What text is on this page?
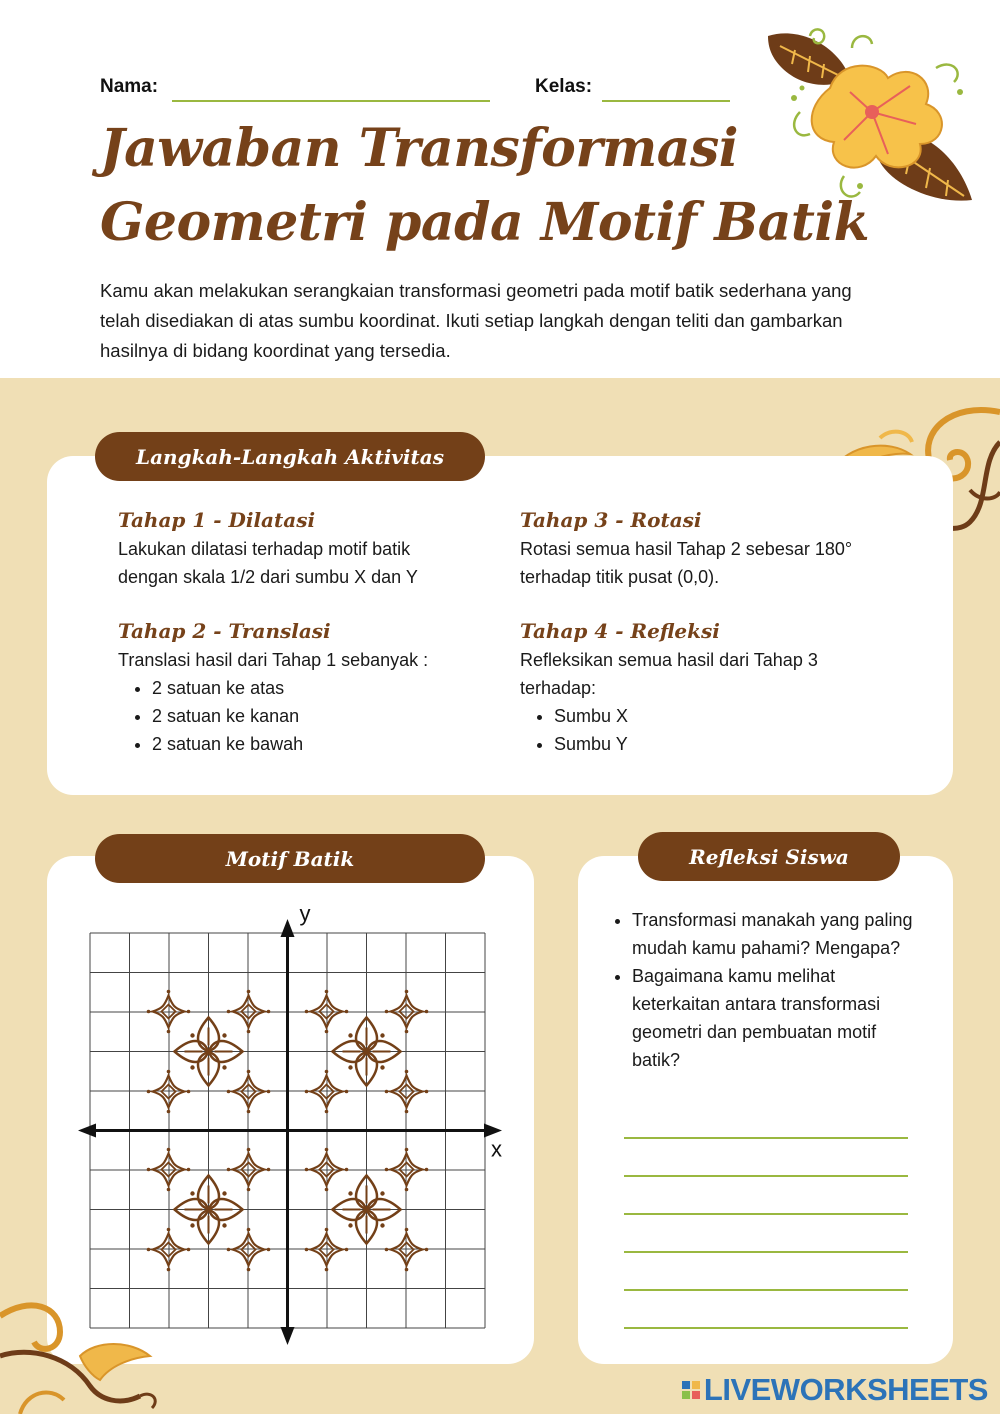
Nama:	Kelas:
Jawaban Transformasi
Geometri pada Motif Batik
Kamu akan melakukan serangkaian transformasi geometri pada motif batik sederhana yang telah disediakan di atas sumbu koordinat. Ikuti setiap langkah dengan teliti dan gambarkan hasilnya di bidang koordinat yang tersedia.
Langkah-Langkah Aktivitas
Tahap 1 - Dilatasi
Lakukan dilatasi terhadap motif batik dengan skala 1/2 dari sumbu X dan Y
Tahap 2 - Translasi
Translasi hasil dari Tahap 1 sebanyak :
• 2 satuan ke atas
• 2 satuan ke kanan
• 2 satuan ke bawah
Tahap 3 - Rotasi
Rotasi semua hasil Tahap 2 sebesar 180° terhadap titik pusat (0,0).
Tahap 4 - Refleksi
Refleksikan semua hasil dari Tahap 3 terhadap:
• Sumbu X
• Sumbu Y
Motif Batik
y
x
Refleksi Siswa
• Transformasi manakah yang paling mudah kamu pahami? Mengapa?
• Bagaimana kamu melihat keterkaitan antara transformasi geometri dan pembuatan motif batik?
LIVEWORKSHEETS
